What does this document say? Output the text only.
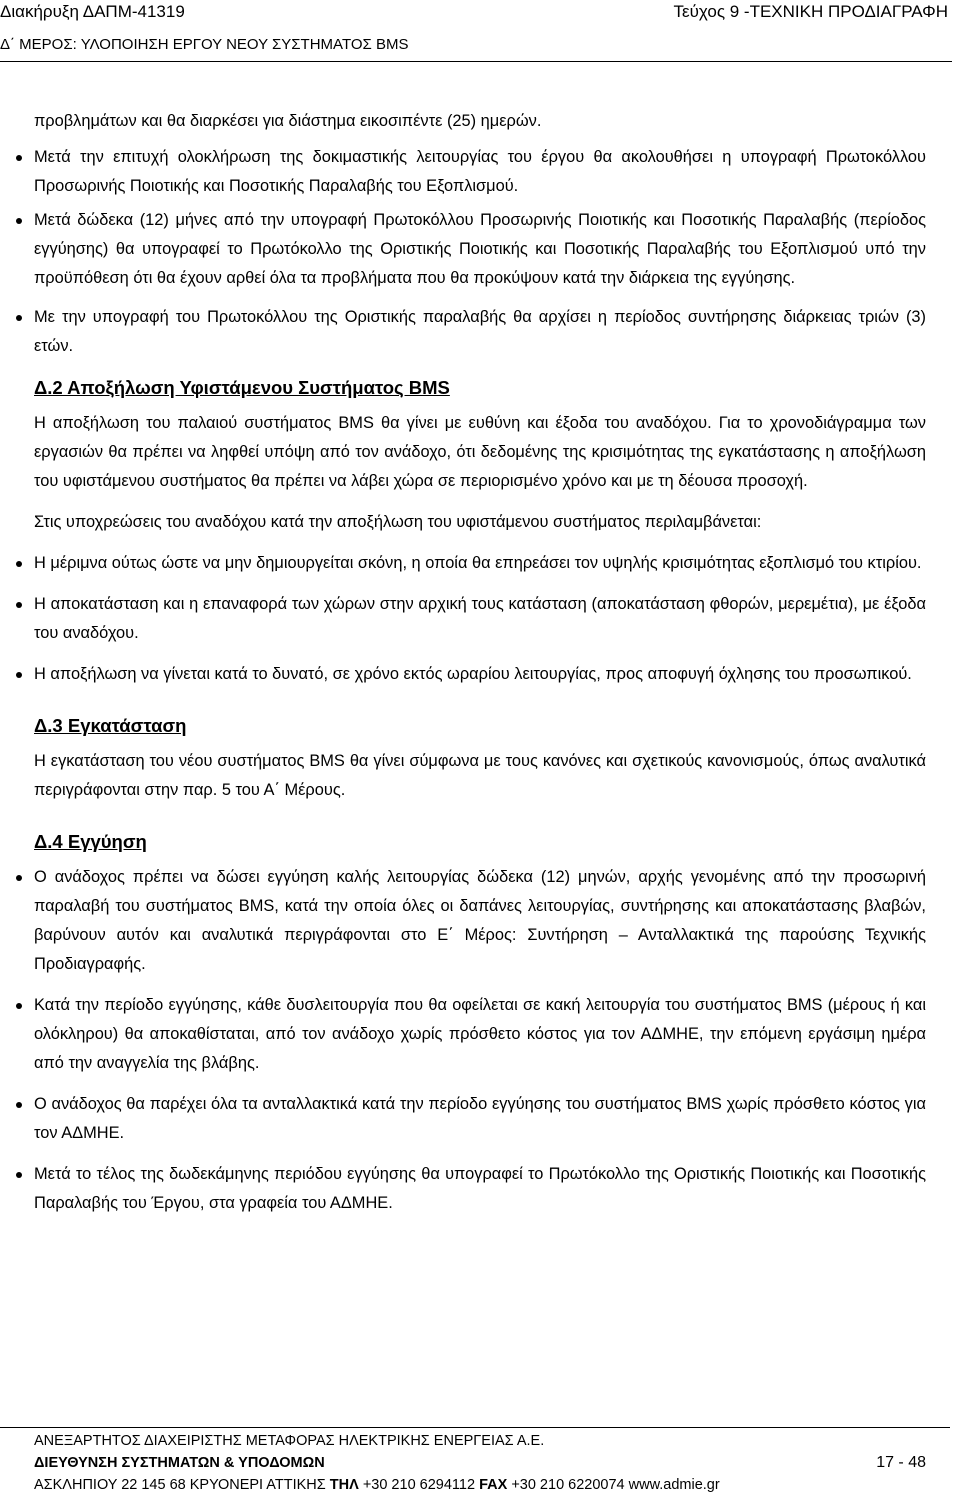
Διακήρυξη ΔΑΠΜ-41319	Τεύχος 9 -ΤΕΧΝΙΚΗ ΠΡΟΔΙΑΓΡΑΦΗ
Δ΄ ΜΕΡΟΣ: ΥΛΟΠΟΙΗΣΗ ΕΡΓΟΥ ΝΕΟΥ ΣΥΣΤΗΜΑΤΟΣ BMS

προβλημάτων και θα διαρκέσει για διάστημα εικοσιπέντε (25) ημερών.

Μετά την επιτυχή ολοκλήρωση της δοκιμαστικής λειτουργίας του έργου θα ακολουθήσει η υπογραφή Πρωτοκόλλου Προσωρινής Ποιοτικής και Ποσοτικής Παραλαβής του Εξοπλισμού.
Μετά δώδεκα (12) μήνες από την υπογραφή Πρωτοκόλλου Προσωρινής Ποιοτικής και Ποσοτικής Παραλαβής (περίοδος εγγύησης) θα υπογραφεί το Πρωτόκολλο της Οριστικής Ποιοτικής και Ποσοτικής Παραλαβής του Εξοπλισμού υπό την προϋπόθεση ότι θα έχουν αρθεί όλα τα προβλήματα που θα προκύψουν κατά την διάρκεια της εγγύησης.
Με την υπογραφή του Πρωτοκόλλου της Οριστικής παραλαβής θα αρχίσει η περίοδος συντήρησης διάρκειας τριών (3) ετών.
Δ.2 Αποξήλωση Υφιστάμενου Συστήματος BMS

Η αποξήλωση του παλαιού συστήματος BMS θα γίνει με ευθύνη και έξοδα του αναδόχου. Για το χρονοδιάγραμμα των εργασιών θα πρέπει να ληφθεί υπόψη από τον ανάδοχο, ότι δεδομένης της κρισιμότητας της εγκατάστασης η αποξήλωση του υφιστάμενου συστήματος θα πρέπει να λάβει χώρα σε περιορισμένο χρόνο και με τη δέουσα προσοχή.

Στις υποχρεώσεις του αναδόχου κατά την αποξήλωση του υφιστάμενου συστήματος περιλαμβάνεται:

Η μέριμνα ούτως ώστε να μην δημιουργείται σκόνη, η οποία θα επηρεάσει τον υψηλής κρισιμότητας εξοπλισμό του κτιρίου.
Η αποκατάσταση και η επαναφορά των χώρων στην αρχική τους κατάσταση (αποκατάσταση φθορών, μερεμέτια), με έξοδα του αναδόχου.
Η αποξήλωση να γίνεται κατά το δυνατό, σε χρόνο εκτός ωραρίου λειτουργίας, προς αποφυγή όχλησης του προσωπικού.
Δ.3 Εγκατάσταση

Η εγκατάσταση του νέου συστήματος BMS θα γίνει σύμφωνα με τους κανόνες και σχετικούς κανονισμούς, όπως αναλυτικά περιγράφονται στην παρ. 5 του Α΄ Μέρους.

Δ.4 Εγγύηση
Ο ανάδοχος πρέπει να δώσει εγγύηση καλής λειτουργίας δώδεκα (12) μηνών, αρχής γενομένης από την προσωρινή παραλαβή του συστήματος BMS, κατά την οποία όλες οι δαπάνες λειτουργίας, συντήρησης και αποκατάστασης βλαβών, βαρύνουν αυτόν και αναλυτικά περιγράφονται στο Ε΄ Μέρος: Συντήρηση – Ανταλλακτικά της παρούσης Τεχνικής Προδιαγραφής.
Κατά την περίοδο εγγύησης, κάθε δυσλειτουργία που θα οφείλεται σε κακή λειτουργία του συστήματος BMS (μέρους ή και ολόκληρου) θα αποκαθίσταται, από τον ανάδοχο χωρίς πρόσθετο κόστος για τον ΑΔΜΗΕ, την επόμενη εργάσιμη ημέρα από την αναγγελία της βλάβης.
Ο ανάδοχος θα παρέχει όλα τα ανταλλακτικά κατά την περίοδο εγγύησης του συστήματος BMS χωρίς πρόσθετο κόστος για τον ΑΔΜΗΕ.
Μετά το τέλος της δωδεκάμηνης περιόδου εγγύησης θα υπογραφεί το Πρωτόκολλο της Οριστικής Ποιοτικής και Ποσοτικής Παραλαβής του Έργου, στα γραφεία του ΑΔΜΗΕ.
ΑΝΕΞΑΡΤΗΤΟΣ ΔΙΑΧΕΙΡΙΣΤΗΣ ΜΕΤΑΦΟΡΑΣ ΗΛΕΚΤΡΙΚΗΣ ΕΝΕΡΓΕΙΑΣ Α.Ε.
ΔΙΕΥΘΥΝΣΗ ΣΥΣΤΗΜΑΤΩΝ & ΥΠΟΔΟΜΩΝ	17 - 48
ΑΣΚΛΗΠΙΟΥ 22 145 68 ΚΡΥΟΝΕΡΙ ΑΤΤΙΚΗΣ ΤΗΛ +30 210 6294112 FAX +30 210 6220074 www.admie.gr
